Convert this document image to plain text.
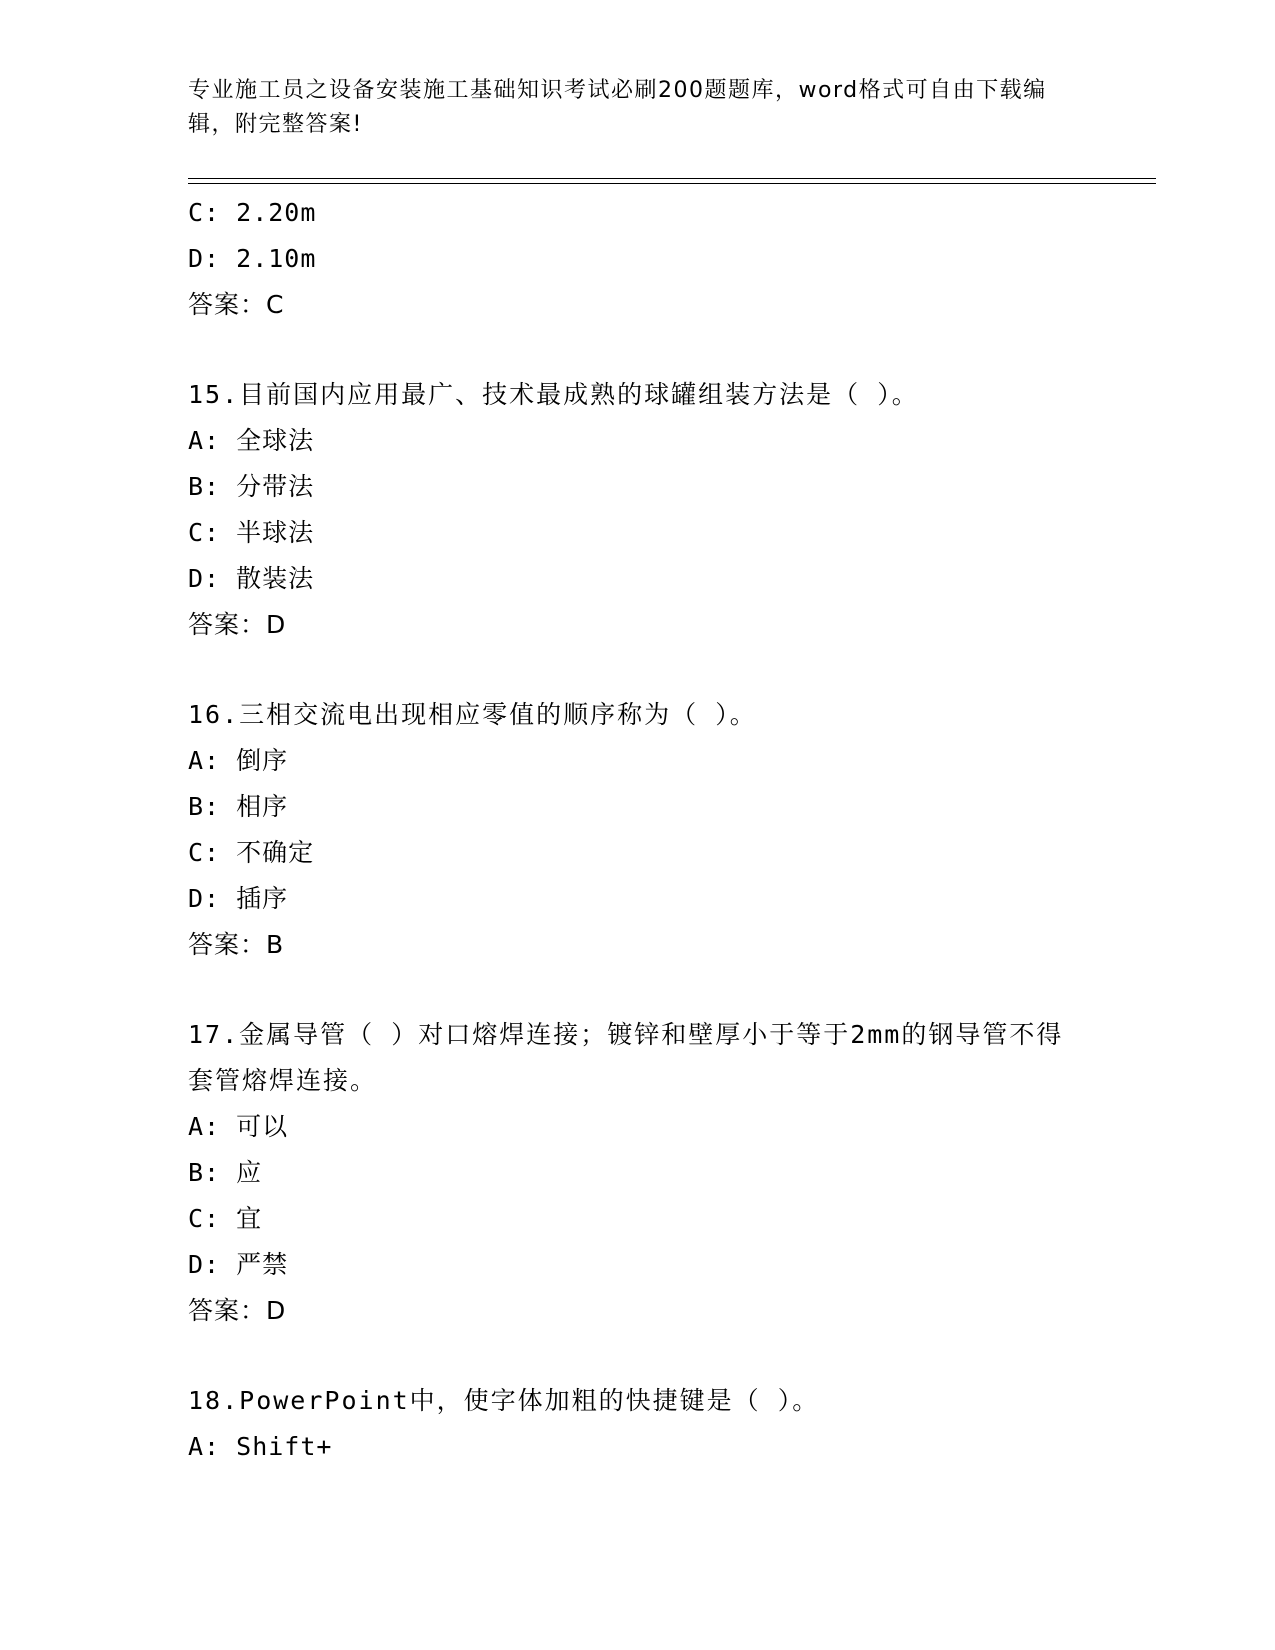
专业施工员之设备安装施工基础知识考试必刷200题题库，word格式可自由下载编辑，附完整答案!
C: 2.20m
D: 2.10m
答案：C
15.目前国内应用最广、技术最成熟的球罐组装方法是（ ）。
A: 全球法
B: 分带法
C: 半球法
D: 散装法
答案：D
16.三相交流电出现相应零值的顺序称为（ ）。
A: 倒序
B: 相序
C: 不确定
D: 插序
答案：B
17.金属导管（ ）对口熔焊连接；镀锌和壁厚小于等于2mm的钢导管不得套管熔焊连接。
A: 可以
B: 应
C: 宜
D: 严禁
答案：D
18.PowerPoint中，使字体加粗的快捷键是（ ）。
A: Shift+
